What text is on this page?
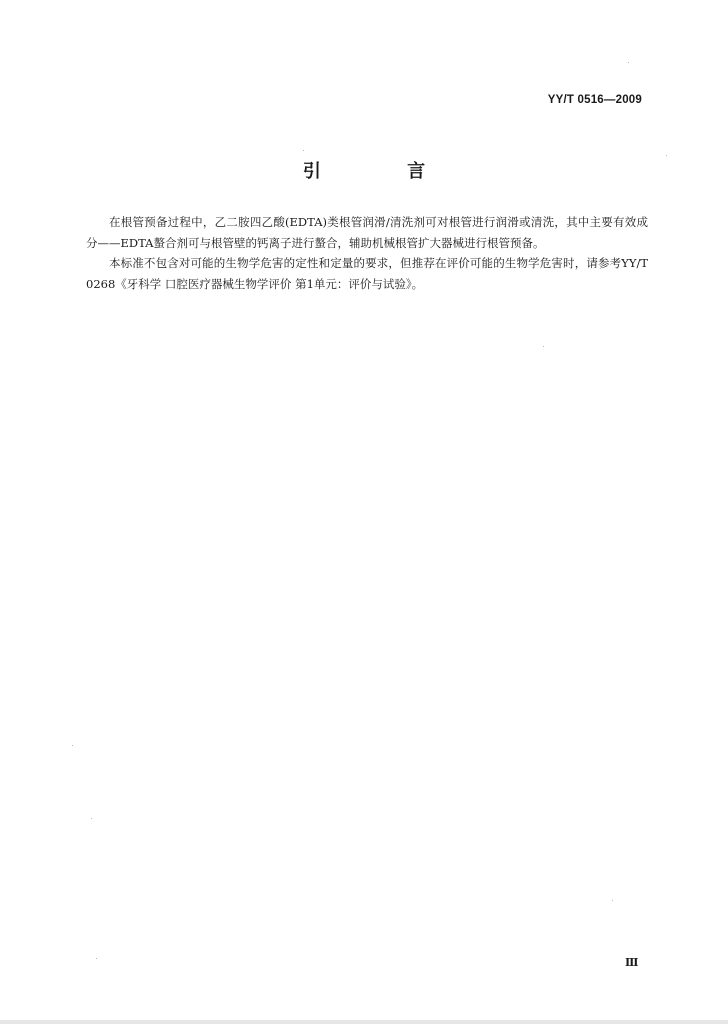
YY/T 0516—2009
引 言

在根管预备过程中，乙二胺四乙酸(EDTA)类根管润滑/清洗剂可对根管进行润滑或清洗，其中主要有效成分——EDTA螯合剂可与根管壁的钙离子进行螯合，辅助机械根管扩大器械进行根管预备。

本标准不包含对可能的生物学危害的定性和定量的要求，但推荐在评价可能的生物学危害时，请参考YY/T 0268《牙科学 口腔医疗器械生物学评价 第1单元：评价与试验》。

Ⅲ
